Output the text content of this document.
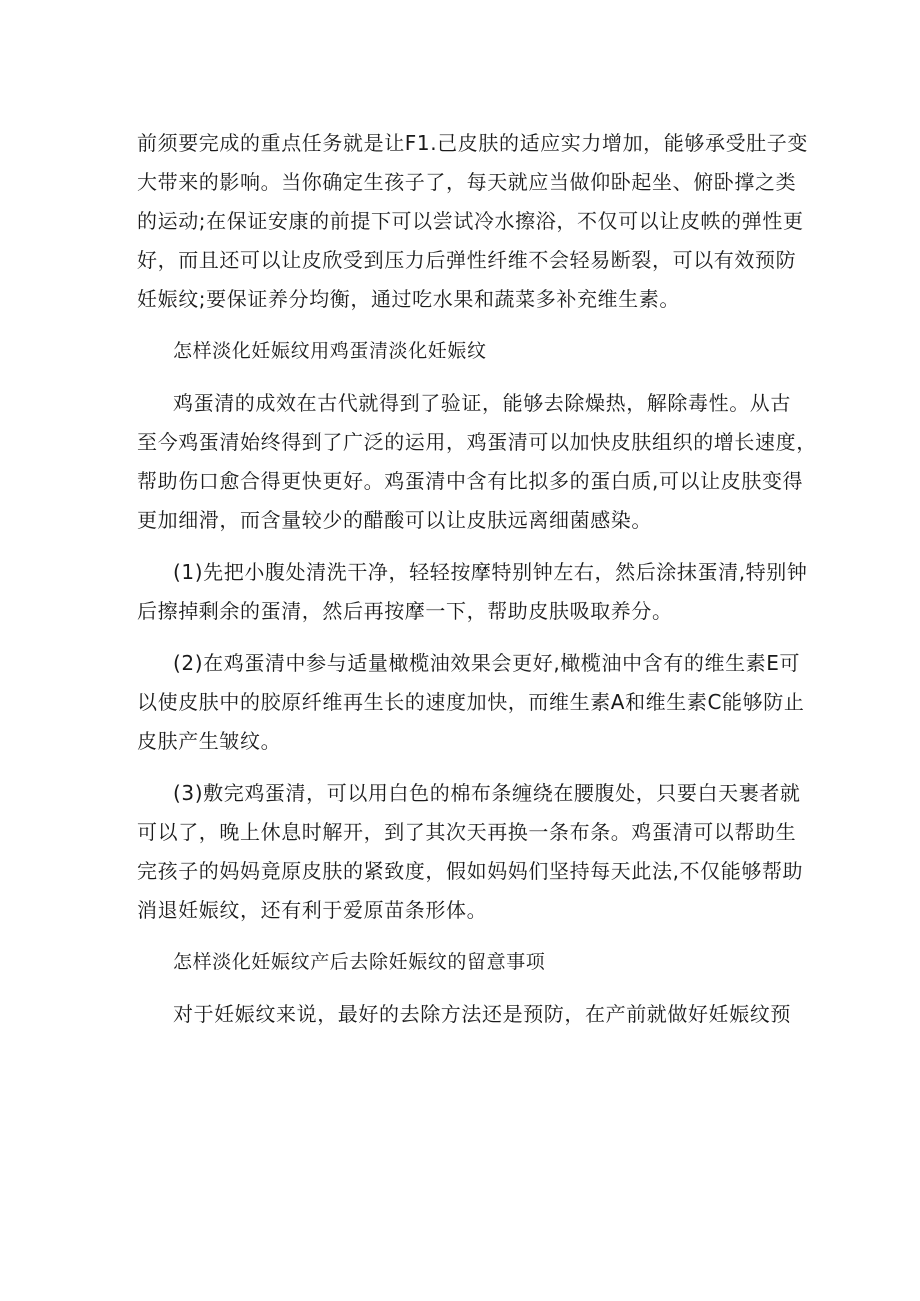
前须要完成的重点任务就是让F1.己皮肤的适应实力增加，能够承受肚子变
大带来的影响。当你确定生孩子了，每天就应当做仰卧起坐、俯卧撑之类
的运动;在保证安康的前提下可以尝试冷水擦浴，不仅可以让皮帙的弹性更
好，而且还可以让皮欣受到压力后弹性纤维不会轻易断裂，可以有效预防
妊娠纹;要保证养分均衡，通过吃水果和蔬菜多补充维生素。

怎样淡化妊娠纹用鸡蛋清淡化妊娠纹

鸡蛋清的成效在古代就得到了验证，能够去除燥热，解除毒性。从古
至今鸡蛋清始终得到了广泛的运用，鸡蛋清可以加快皮肤组织的增长速度，
帮助伤口愈合得更快更好。鸡蛋清中含有比拟多的蛋白质,可以让皮肤变得
更加细滑，而含量较少的醋酸可以让皮肤远离细菌感染。

(1)先把小腹处清洗干净，轻轻按摩特别钟左右，然后涂抹蛋清,特别钟
后擦掉剩余的蛋清，然后再按摩一下，帮助皮肤吸取养分。

(2)在鸡蛋清中参与适量橄榄油效果会更好,橄榄油中含有的维生素E可
以使皮肤中的胶原纤维再生长的速度加快，而维生素A和维生素C能够防止
皮肤产生皱纹。

(3)敷完鸡蛋清，可以用白色的棉布条缠绕在腰腹处，只要白天裹者就
可以了，晚上休息时解开，到了其次天再换一条布条。鸡蛋清可以帮助生
完孩子的妈妈竟原皮肤的紧致度，假如妈妈们坚持每天此法,不仅能够帮助
消退妊娠纹，还有利于爱原苗条形体。

怎样淡化妊娠纹产后去除妊娠纹的留意事项

对于妊娠纹来说，最好的去除方法还是预防，在产前就做好妊娠纹预
